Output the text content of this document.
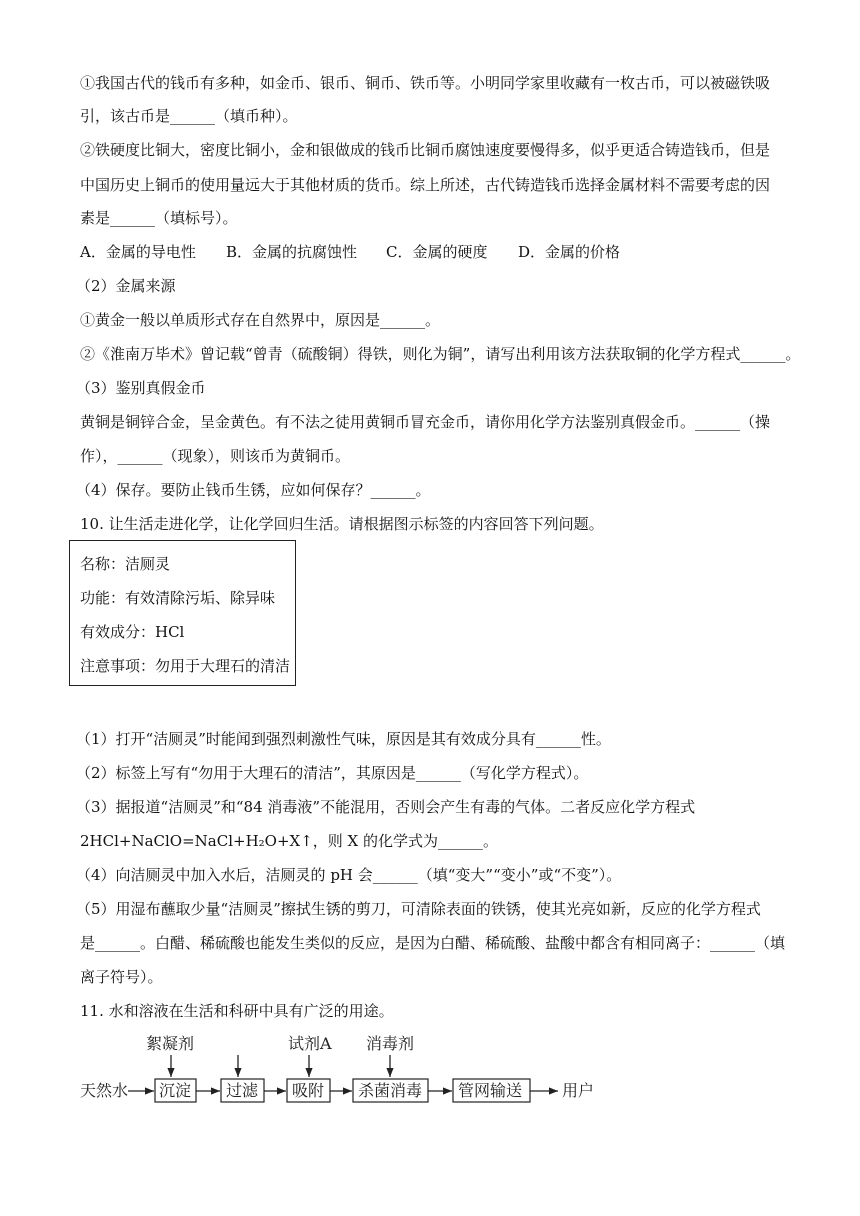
①我国古代的钱币有多种，如金币、银币、铜币、铁币等。小明同学家里收藏有一枚古币，可以被磁铁吸
引，该古币是______（填币种）。
②铁硬度比铜大，密度比铜小，金和银做成的钱币比铜币腐蚀速度要慢得多，似乎更适合铸造钱币，但是
中国历史上铜币的使用量远大于其他材质的货币。综上所述，古代铸造钱币选择金属材料不需要考虑的因
素是______（填标号）。
A．金属的导电性 B．金属的抗腐蚀性 C．金属的硬度 D．金属的价格
（2）金属来源
①黄金一般以单质形式存在自然界中，原因是______。
②《淮南万毕术》曾记载“曾青（硫酸铜）得铁，则化为铜”，请写出利用该方法获取铜的化学方程式______。
（3）鉴别真假金币
黄铜是铜锌合金，呈金黄色。有不法之徒用黄铜币冒充金币，请你用化学方法鉴别真假金币。______（操
作），______（现象），则该币为黄铜币。
（4）保存。要防止钱币生锈，应如何保存？______。
10. 让生活走进化学，让化学回归生活。请根据图示标签的内容回答下列问题。
名称：洁厕灵
功能：有效清除污垢、除异味
有效成分：HCl
注意事项：勿用于大理石的清洁
（1）打开“洁厕灵”时能闻到强烈刺激性气味，原因是其有效成分具有______性。
（2）标签上写有“勿用于大理石的清洁”，其原因是______（写化学方程式）。
（3）据报道“洁厕灵”和“84 消毒液”不能混用，否则会产生有毒的气体。二者反应化学方程式
2HCl+NaClO=NaCl+H₂O+X↑，则 X 的化学式为______。
（4）向洁厕灵中加入水后，洁厕灵的 pH 会______（填“变大”“变小”或“不变”）。
（5）用湿布蘸取少量“洁厕灵”擦拭生锈的剪刀，可清除表面的铁锈，使其光亮如新，反应的化学方程式
是______。白醋、稀硫酸也能发生类似的反应，是因为白醋、稀硫酸、盐酸中都含有相同离子：______（填
离子符号）。
11. 水和溶液在生活和科研中具有广泛的用途。
天然水 沉淀 过滤 吸附 杀菌消毒 管网输送 用户
絮凝剂	试剂A 消毒剂
